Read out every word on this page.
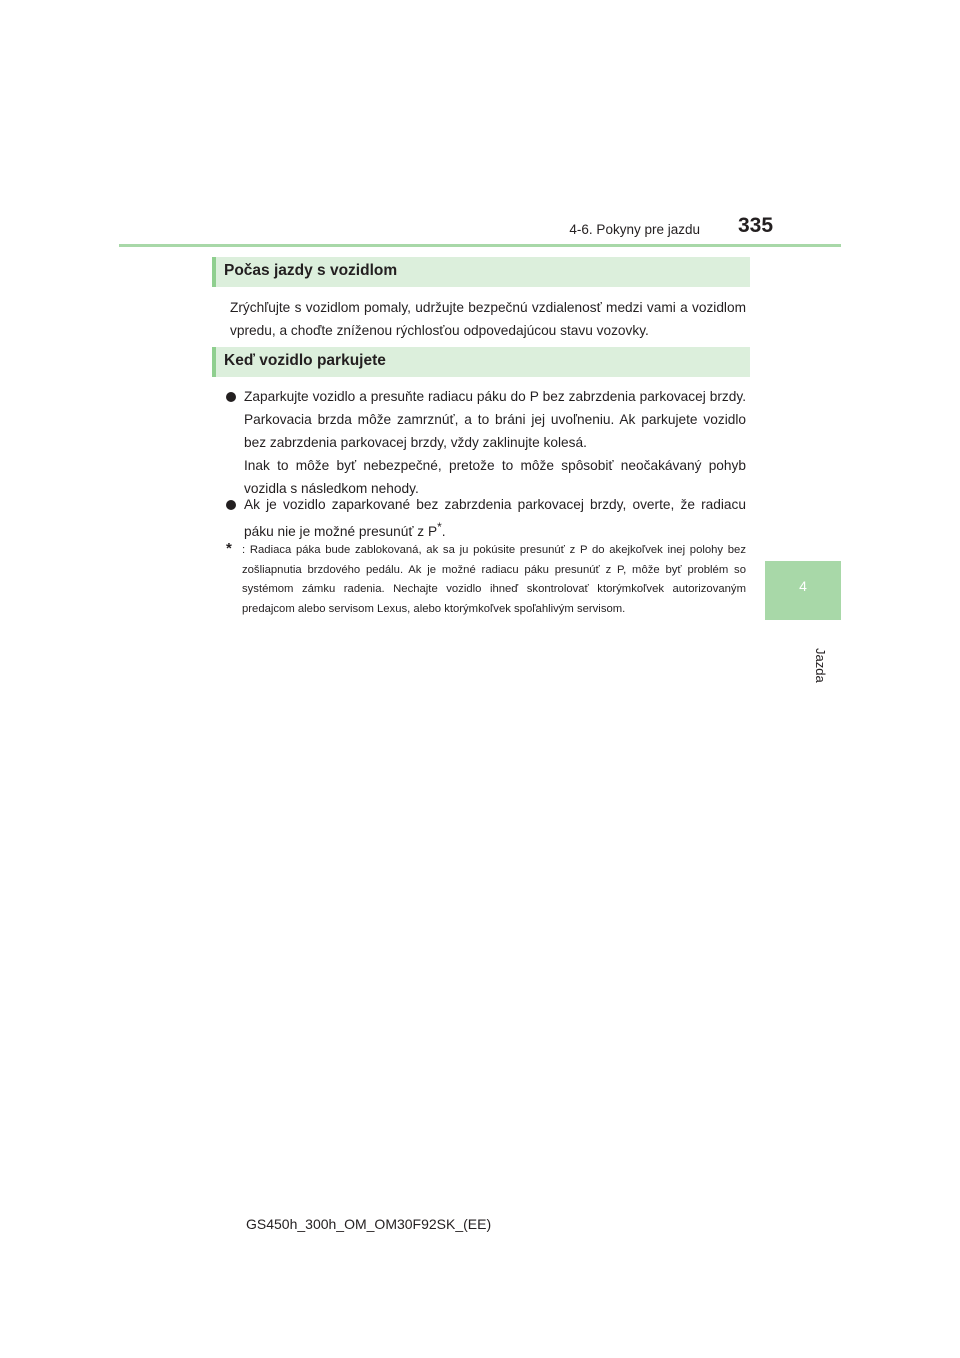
4-6. Pokyny pre jazdu 335
4
Jazda
Počas jazdy s vozidlom

Zrýchľujte s vozidlom pomaly, udržujte bezpečnú vzdialenosť medzi vami a vozidlom vpredu, a choďte zníženou rýchlosťou odpovedajúcou stavu vozovky.

Keď vozidlo parkujete
Zaparkujte vozidlo a presuňte radiacu páku do P bez zabrzdenia parkovacej brzdy. Parkovacia brzda môže zamrznúť, a to bráni jej uvoľneniu. Ak parkujete vozidlo bez zabrzdenia parkovacej brzdy, vždy zaklinujte kolesá.
Inak to môže byť nebezpečné, pretože to môže spôsobiť neočakávaný pohyb vozidla s následkom nehody.
Ak je vozidlo zaparkované bez zabrzdenia parkovacej brzdy, overte, že radiacu páku nie je možné presunúť z P*.
* : Radiaca páka bude zablokovaná, ak sa ju pokúsite presunúť z P do akejkoľvek inej polohy bez zošliapnutia brzdového pedálu. Ak je možné radiacu páku presunúť z P, môže byť problém so systémom zámku radenia. Nechajte vozidlo ihneď skontrolovať ktorýmkoľvek autorizovaným predajcom alebo servisom Lexus, alebo ktorýmkoľvek spoľahlivým servisom.
GS450h_300h_OM_OM30F92SK_(EE)
